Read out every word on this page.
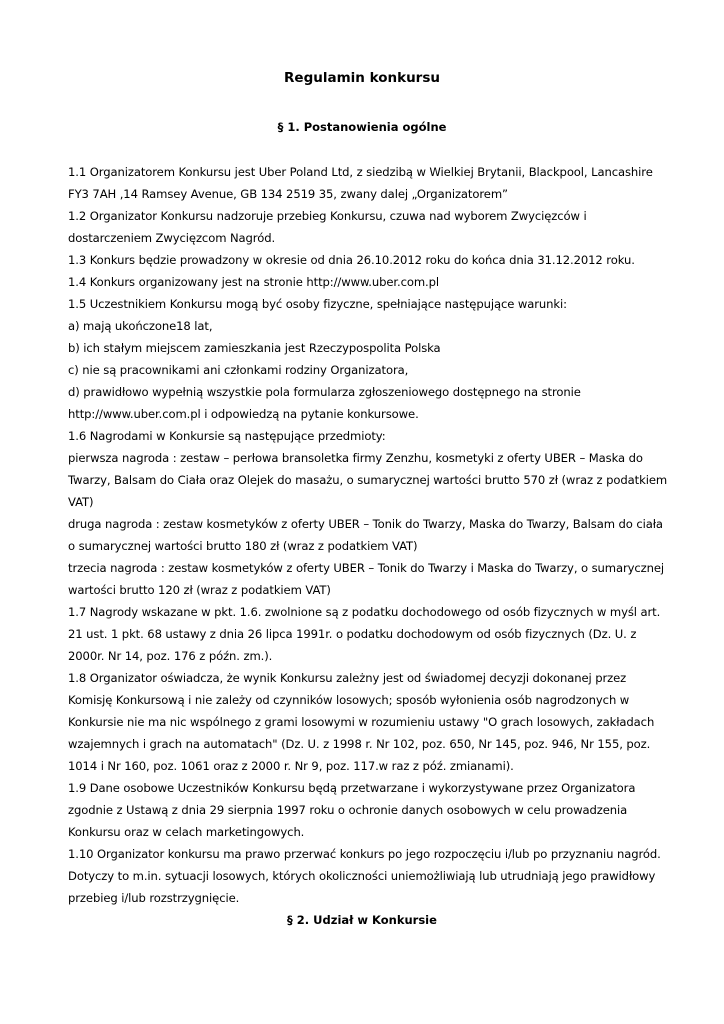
Regulamin konkursu
§ 1. Postanowienia ogólne

1.1 Organizatorem Konkursu jest Uber Poland Ltd, z siedzibą w Wielkiej Brytanii, Blackpool, Lancashire FY3 7AH ,14 Ramsey Avenue, GB 134 2519 35, zwany dalej „Organizatorem”

1.2 Organizator Konkursu nadzoruje przebieg Konkursu, czuwa nad wyborem Zwycięzców i dostarczeniem Zwycięzcom Nagród.

1.3 Konkurs będzie prowadzony w okresie od dnia 26.10.2012 roku do końca dnia 31.12.2012 roku.

1.4 Konkurs organizowany jest na stronie http://www.uber.com.pl

1.5 Uczestnikiem Konkursu mogą być osoby fizyczne, spełniające następujące warunki:

a) mają ukończone18 lat,

b) ich stałym miejscem zamieszkania jest Rzeczypospolita Polska

c) nie są pracownikami ani członkami rodziny Organizatora,

d) prawidłowo wypełnią wszystkie pola formularza zgłoszeniowego dostępnego na stronie http://www.uber.com.pl i odpowiedzą na pytanie konkursowe.

1.6 Nagrodami w Konkursie są następujące przedmioty:

pierwsza nagroda : zestaw – perłowa bransoletka firmy Zenzhu, kosmetyki z oferty UBER – Maska do Twarzy, Balsam do Ciała oraz Olejek do masażu, o sumarycznej wartości brutto 570 zł (wraz z podatkiem VAT)

druga nagroda : zestaw kosmetyków z oferty UBER – Tonik do Twarzy, Maska do Twarzy, Balsam do ciała o sumarycznej wartości brutto 180 zł (wraz z podatkiem VAT)

trzecia nagroda : zestaw kosmetyków z oferty UBER – Tonik do Twarzy i Maska do Twarzy, o sumarycznej wartości brutto 120 zł (wraz z podatkiem VAT)

1.7 Nagrody wskazane w pkt. 1.6. zwolnione są z podatku dochodowego od osób fizycznych w myśl art. 21 ust. 1 pkt. 68 ustawy z dnia 26 lipca 1991r. o podatku dochodowym od osób fizycznych (Dz. U. z 2000r. Nr 14, poz. 176 z późn. zm.).

1.8 Organizator oświadcza, że wynik Konkursu zależny jest od świadomej decyzji dokonanej przez Komisję Konkursową i nie zależy od czynników losowych; sposób wyłonienia osób nagrodzonych w Konkursie nie ma nic wspólnego z grami losowymi w rozumieniu ustawy "O grach losowych, zakładach wzajemnych i grach na automatach" (Dz. U. z 1998 r. Nr 102, poz. 650, Nr 145, poz. 946, Nr 155, poz. 1014 i Nr 160, poz. 1061 oraz z 2000 r. Nr 9, poz. 117.w raz z póź. zmianami).

1.9 Dane osobowe Uczestników Konkursu będą przetwarzane i wykorzystywane przez Organizatora zgodnie z Ustawą z dnia 29 sierpnia 1997 roku o ochronie danych osobowych w celu prowadzenia Konkursu oraz w celach marketingowych.

1.10 Organizator konkursu ma prawo przerwać konkurs po jego rozpoczęciu i/lub po przyznaniu nagród. Dotyczy to m.in. sytuacji losowych, których okoliczności uniemożliwiają lub utrudniają jego prawidłowy przebieg i/lub rozstrzygnięcie.

§ 2. Udział w Konkursie
